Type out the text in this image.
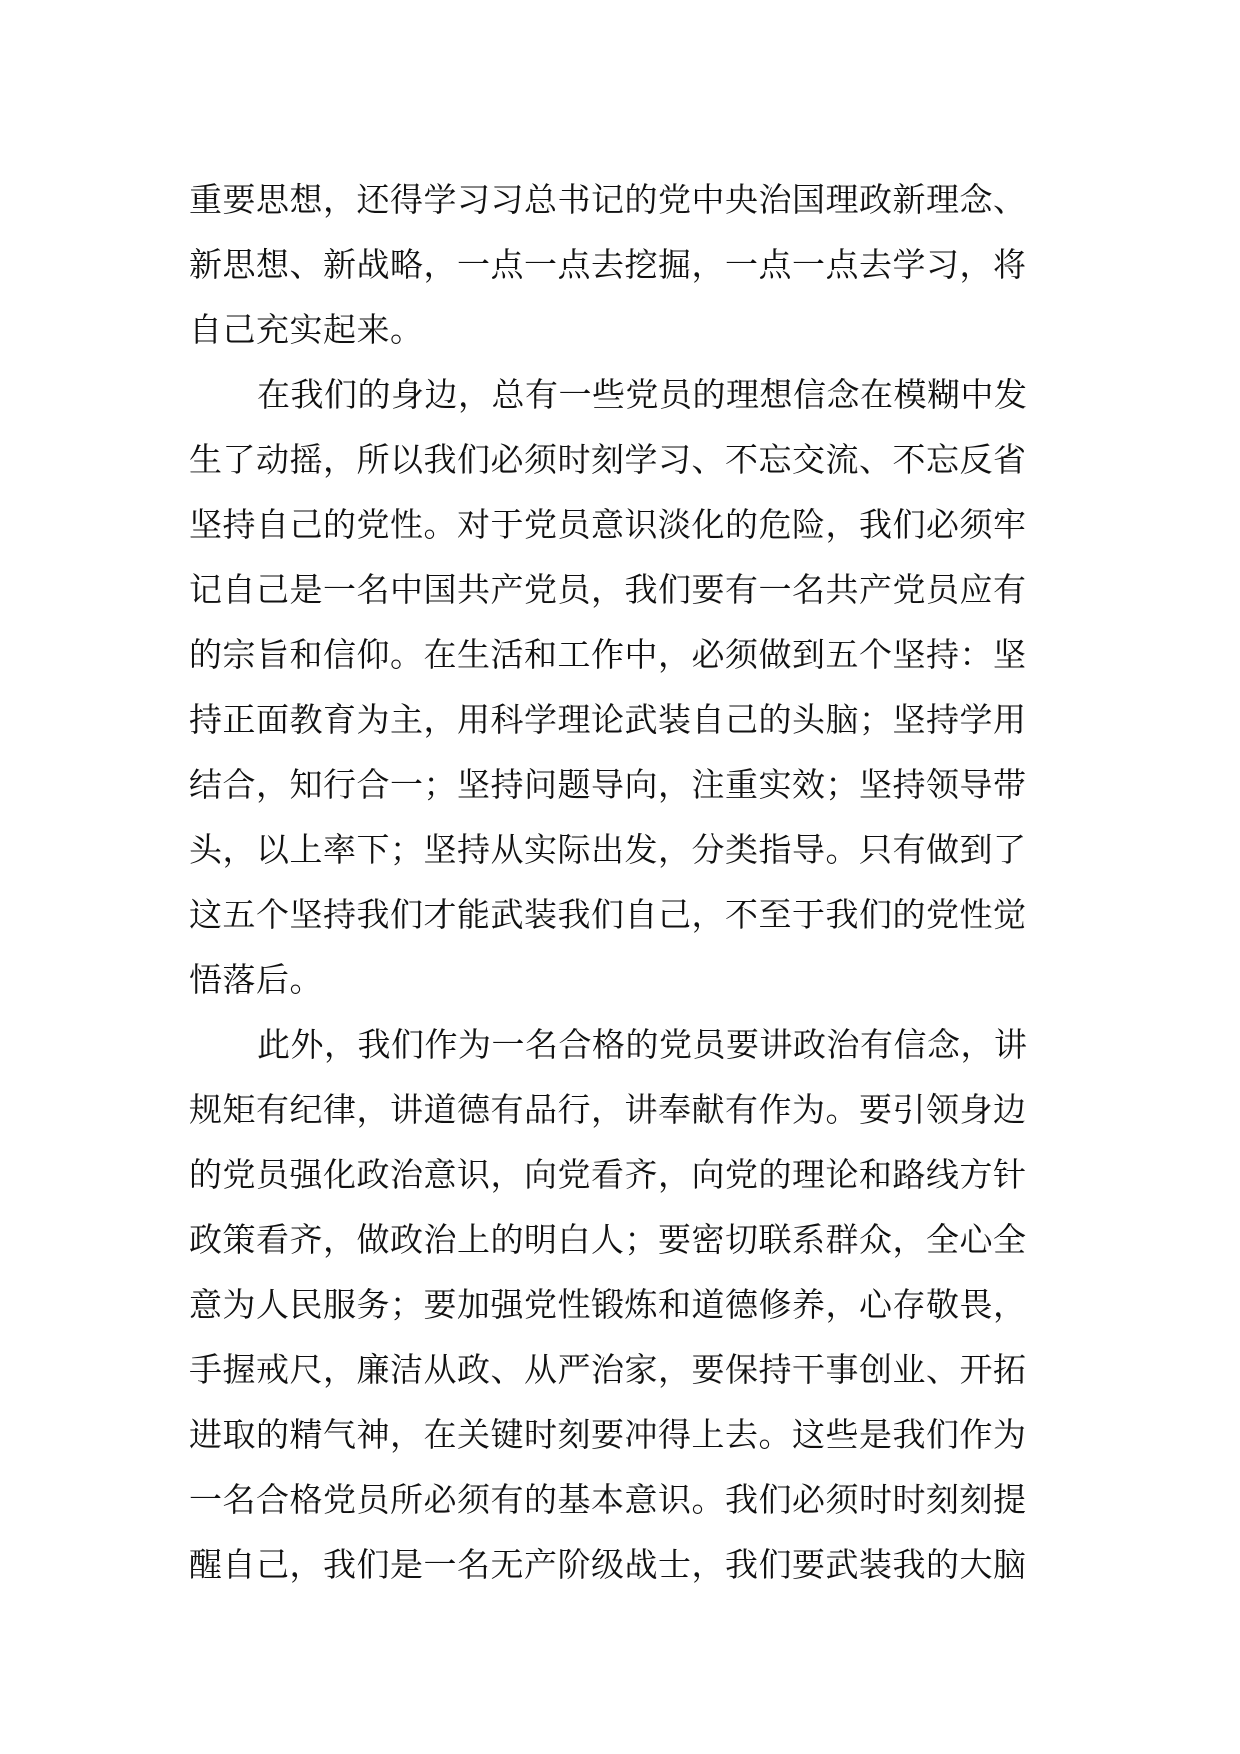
重要思想，还得学习习总书记的党中央治国理政新理念、
新思想、新战略，一点一点去挖掘，一点一点去学习，将
自己充实起来。
在我们的身边，总有一些党员的理想信念在模糊中发
生了动摇，所以我们必须时刻学习、不忘交流、不忘反省
坚持自己的党性。对于党员意识淡化的危险，我们必须牢
记自己是一名中国共产党员，我们要有一名共产党员应有
的宗旨和信仰。在生活和工作中，必须做到五个坚持：坚
持正面教育为主，用科学理论武装自己的头脑；坚持学用
结合，知行合一；坚持问题导向，注重实效；坚持领导带
头，以上率下；坚持从实际出发，分类指导。只有做到了
这五个坚持我们才能武装我们自己，不至于我们的党性觉
悟落后。
此外，我们作为一名合格的党员要讲政治有信念，讲
规矩有纪律，讲道德有品行，讲奉献有作为。要引领身边
的党员强化政治意识，向党看齐，向党的理论和路线方针
政策看齐，做政治上的明白人；要密切联系群众，全心全
意为人民服务；要加强党性锻炼和道德修养，心存敬畏，
手握戒尺，廉洁从政、从严治家，要保持干事创业、开拓
进取的精气神，在关键时刻要冲得上去。这些是我们作为
一名合格党员所必须有的基本意识。我们必须时时刻刻提
醒自己，我们是一名无产阶级战士，我们要武装我的大脑
